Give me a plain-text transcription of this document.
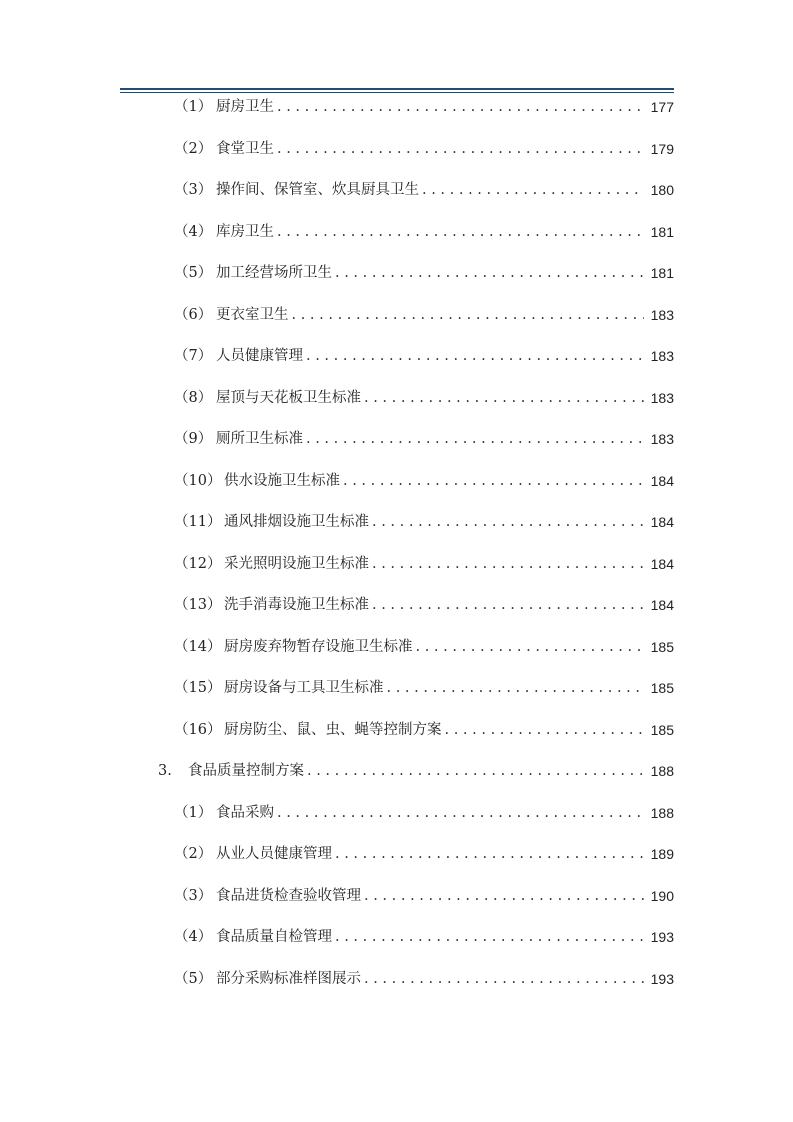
（1） 厨房卫生 . . .	177
（2） 食堂卫生 . . .	179
（3） 操作间、保管室、炊具厨具卫生 . . .	180
（4） 库房卫生 . . .	181
（5） 加工经营场所卫生 . . .	181
（6） 更衣室卫生 . . .	183
（7） 人员健康管理 . . .	183
（8） 屋顶与天花板卫生标准 . . .	183
（9） 厕所卫生标准 . . .	183
（10） 供水设施卫生标准 . . .	184
（11） 通风排烟设施卫生标准 . . .	184
（12） 采光照明设施卫生标准 . . .	184
（13） 洗手消毒设施卫生标准 . . .	184
（14） 厨房废弃物暂存设施卫生标准 . . .	185
（15） 厨房设备与工具卫生标准 . . .	185
（16） 厨房防尘、鼠、虫、蝇等控制方案 . . .	185
3.	食品质量控制方案 . . .	188
（1） 食品采购 . . .	188
（2） 从业人员健康管理 . . .	189
（3） 食品进货检查验收管理 . . .	190
（4） 食品质量自检管理 . . .	193
（5） 部分采购标准样图展示 . . .	193
